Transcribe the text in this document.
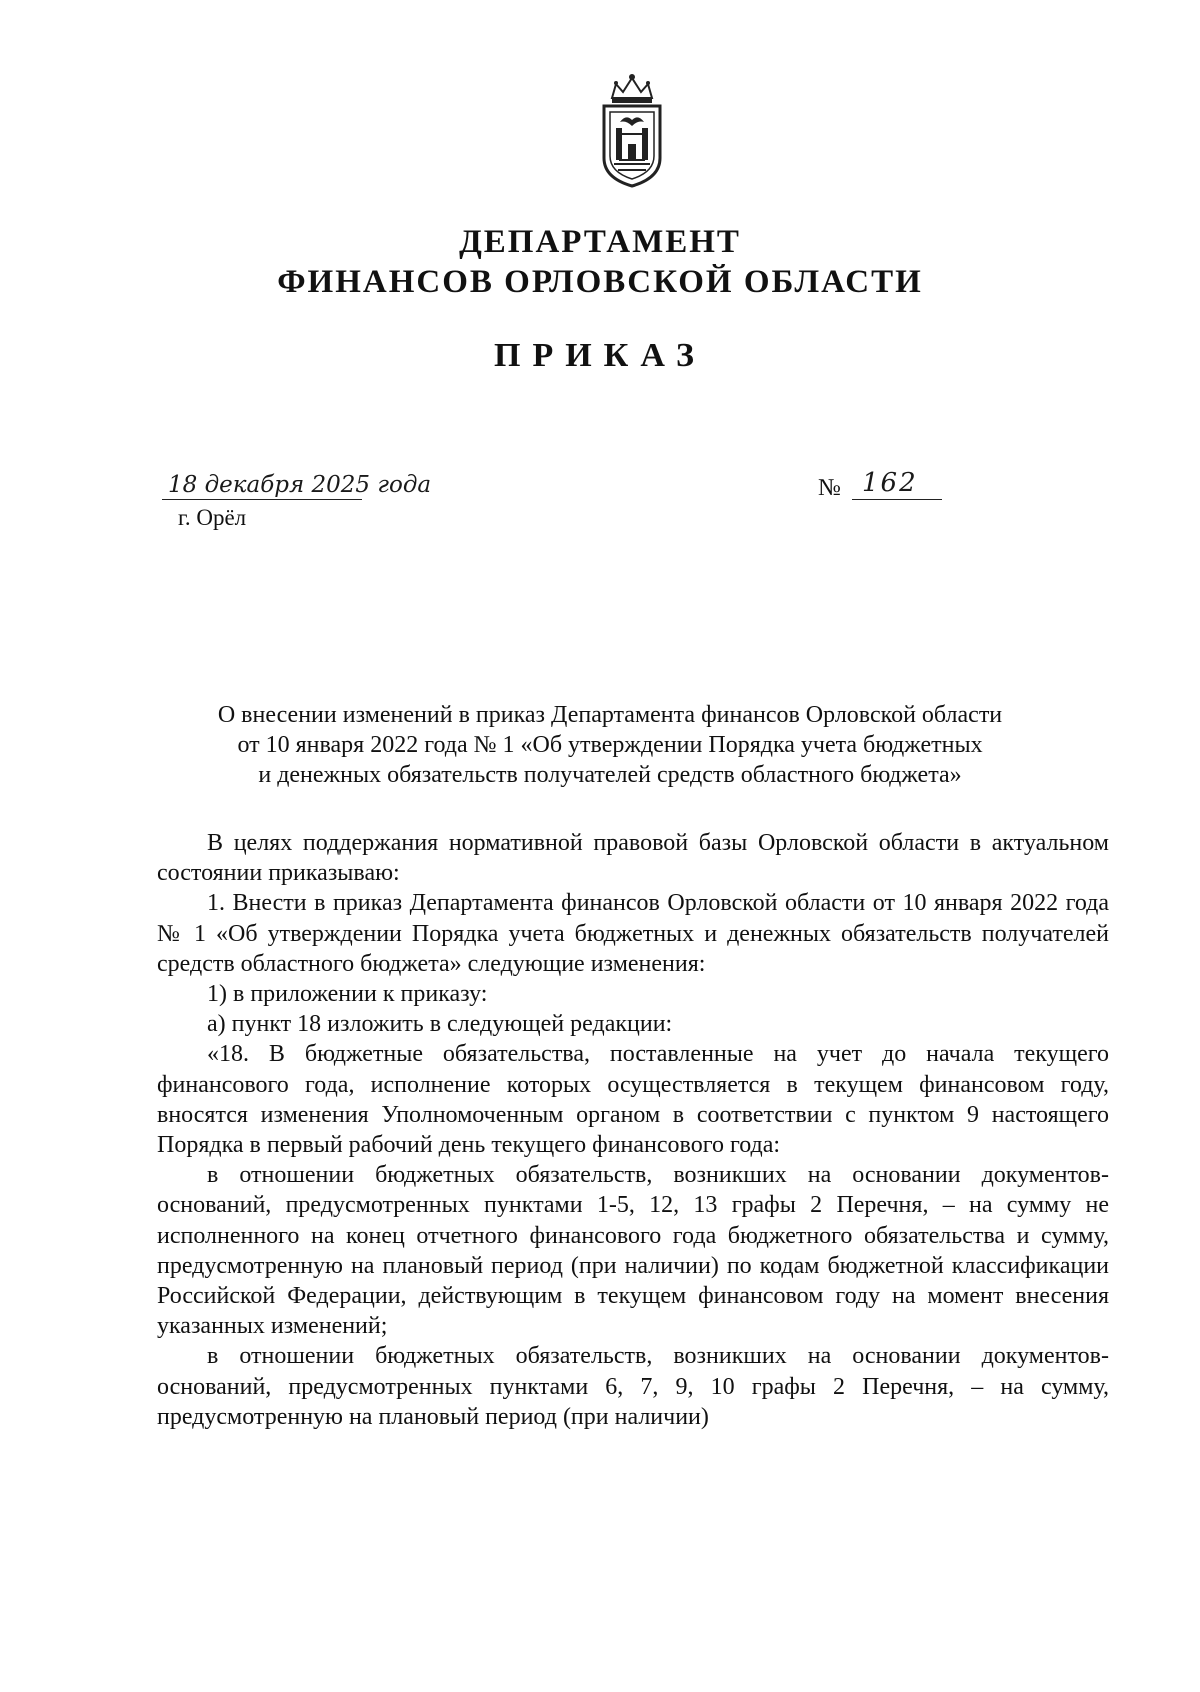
ДЕПАРТАМЕНТ
ФИНАНСОВ ОРЛОВСКОЙ ОБЛАСТИ
ПРИКАЗ
18 декабря 2025 года
г. Орёл
№ 162
О внесении изменений в приказ Департамента финансов Орловской области
от 10 января 2022 года № 1 «Об утверждении Порядка учета бюджетных
и денежных обязательств получателей средств областного бюджета»

В целях поддержания нормативной правовой базы Орловской области в актуальном состоянии приказываю:

1. Внести в приказ Департамента финансов Орловской области от 10 января 2022 года № 1 «Об утверждении Порядка учета бюджетных и денежных обязательств получателей средств областного бюджета» следующие изменения:

1) в приложении к приказу:

а) пункт 18 изложить в следующей редакции:

«18. В бюджетные обязательства, поставленные на учет до начала текущего финансового года, исполнение которых осуществляется в текущем финансовом году, вносятся изменения Уполномоченным органом в соответствии с пунктом 9 настоящего Порядка в первый рабочий день текущего финансового года:

в отношении бюджетных обязательств, возникших на основании документов-оснований, предусмотренных пунктами 1-5, 12, 13 графы 2 Перечня, – на сумму не исполненного на конец отчетного финансового года бюджетного обязательства и сумму, предусмотренную на плановый период (при наличии) по кодам бюджетной классификации Российской Федерации, действующим в текущем финансовом году на момент внесения указанных изменений;

в отношении бюджетных обязательств, возникших на основании документов-оснований, предусмотренных пунктами 6, 7, 9, 10 графы 2 Перечня, – на сумму, предусмотренную на плановый период (при наличии)
